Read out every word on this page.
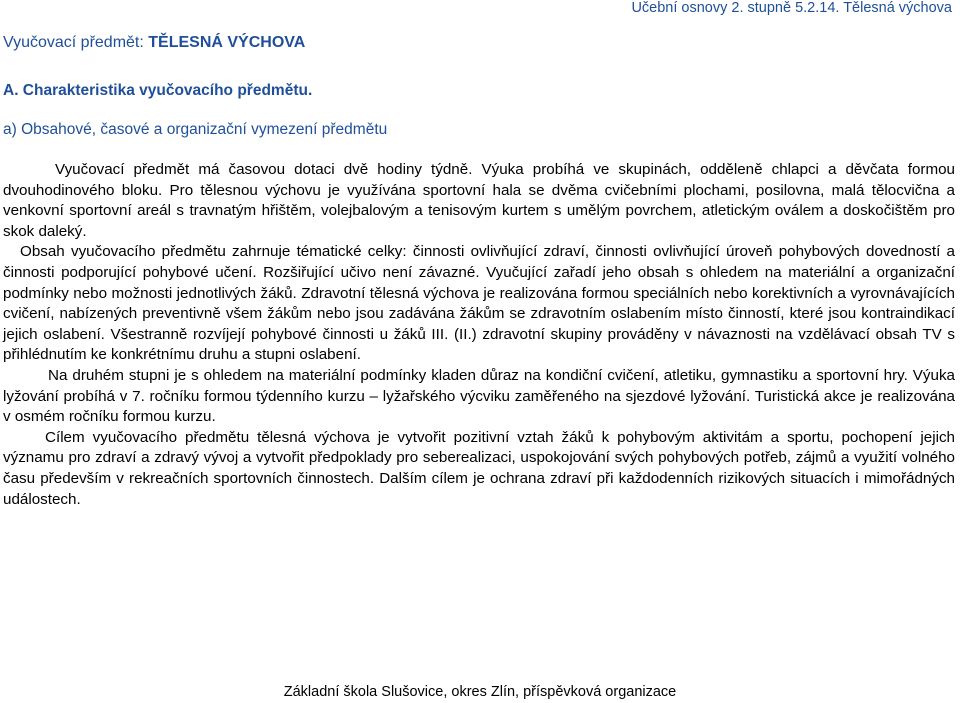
Učební osnovy 2. stupně 5.2.14. Tělesná výchova
Vyučovací předmět: TĚLESNÁ VÝCHOVA
A. Charakteristika vyučovacího předmětu.
a) Obsahové, časové a organizační vymezení předmětu

Vyučovací předmět má časovou dotaci dvě hodiny týdně. Výuka probíhá ve skupinách, odděleně chlapci a děvčata formou dvouhodinového bloku. Pro tělesnou výchovu je využívána sportovní hala se dvěma cvičebními plochami, posilovna, malá tělocvična a venkovní sportovní areál s travnatým hřištěm, volejbalovým a tenisovým kurtem s umělým povrchem, atletickým oválem a doskočištěm pro skok daleký.

Obsah vyučovacího předmětu zahrnuje tématické celky: činnosti ovlivňující zdraví, činnosti ovlivňující úroveň pohybových dovedností a činnosti podporující pohybové učení. Rozšiřující učivo není závazné. Vyučující zařadí jeho obsah s ohledem na materiální a organizační podmínky nebo možnosti jednotlivých žáků. Zdravotní tělesná výchova je realizována formou speciálních nebo korektivních a vyrovnávajících cvičení, nabízených preventivně všem žákům nebo jsou zadávána žákům se zdravotním oslabením místo činností, které jsou kontraindikací jejich oslabení. Všestranně rozvíjejí pohybové činnosti u žáků III. (II.) zdravotní skupiny prováděny v návaznosti na vzdělávací obsah TV s přihlédnutím ke konkrétnímu druhu a stupni oslabení.

Na druhém stupni je s ohledem na materiální podmínky kladen důraz na kondiční cvičení, atletiku, gymnastiku a sportovní hry. Výuka lyžování probíhá v 7. ročníku formou týdenního kurzu – lyžařského výcviku zaměřeného na sjezdové lyžování. Turistická akce je realizována v osmém ročníku formou kurzu.

Cílem vyučovacího předmětu tělesná výchova je vytvořit pozitivní vztah žáků k pohybovým aktivitám a sportu, pochopení jejich významu pro zdraví a zdravý vývoj a vytvořit předpoklady pro seberealizaci, uspokojování svých pohybových potřeb, zájmů a využití volného času především v rekreačních sportovních činnostech. Dalším cílem je ochrana zdraví při každodenních rizikových situacích i mimořádných událostech.

Základní škola Slušovice, okres Zlín, příspěvková organizace
